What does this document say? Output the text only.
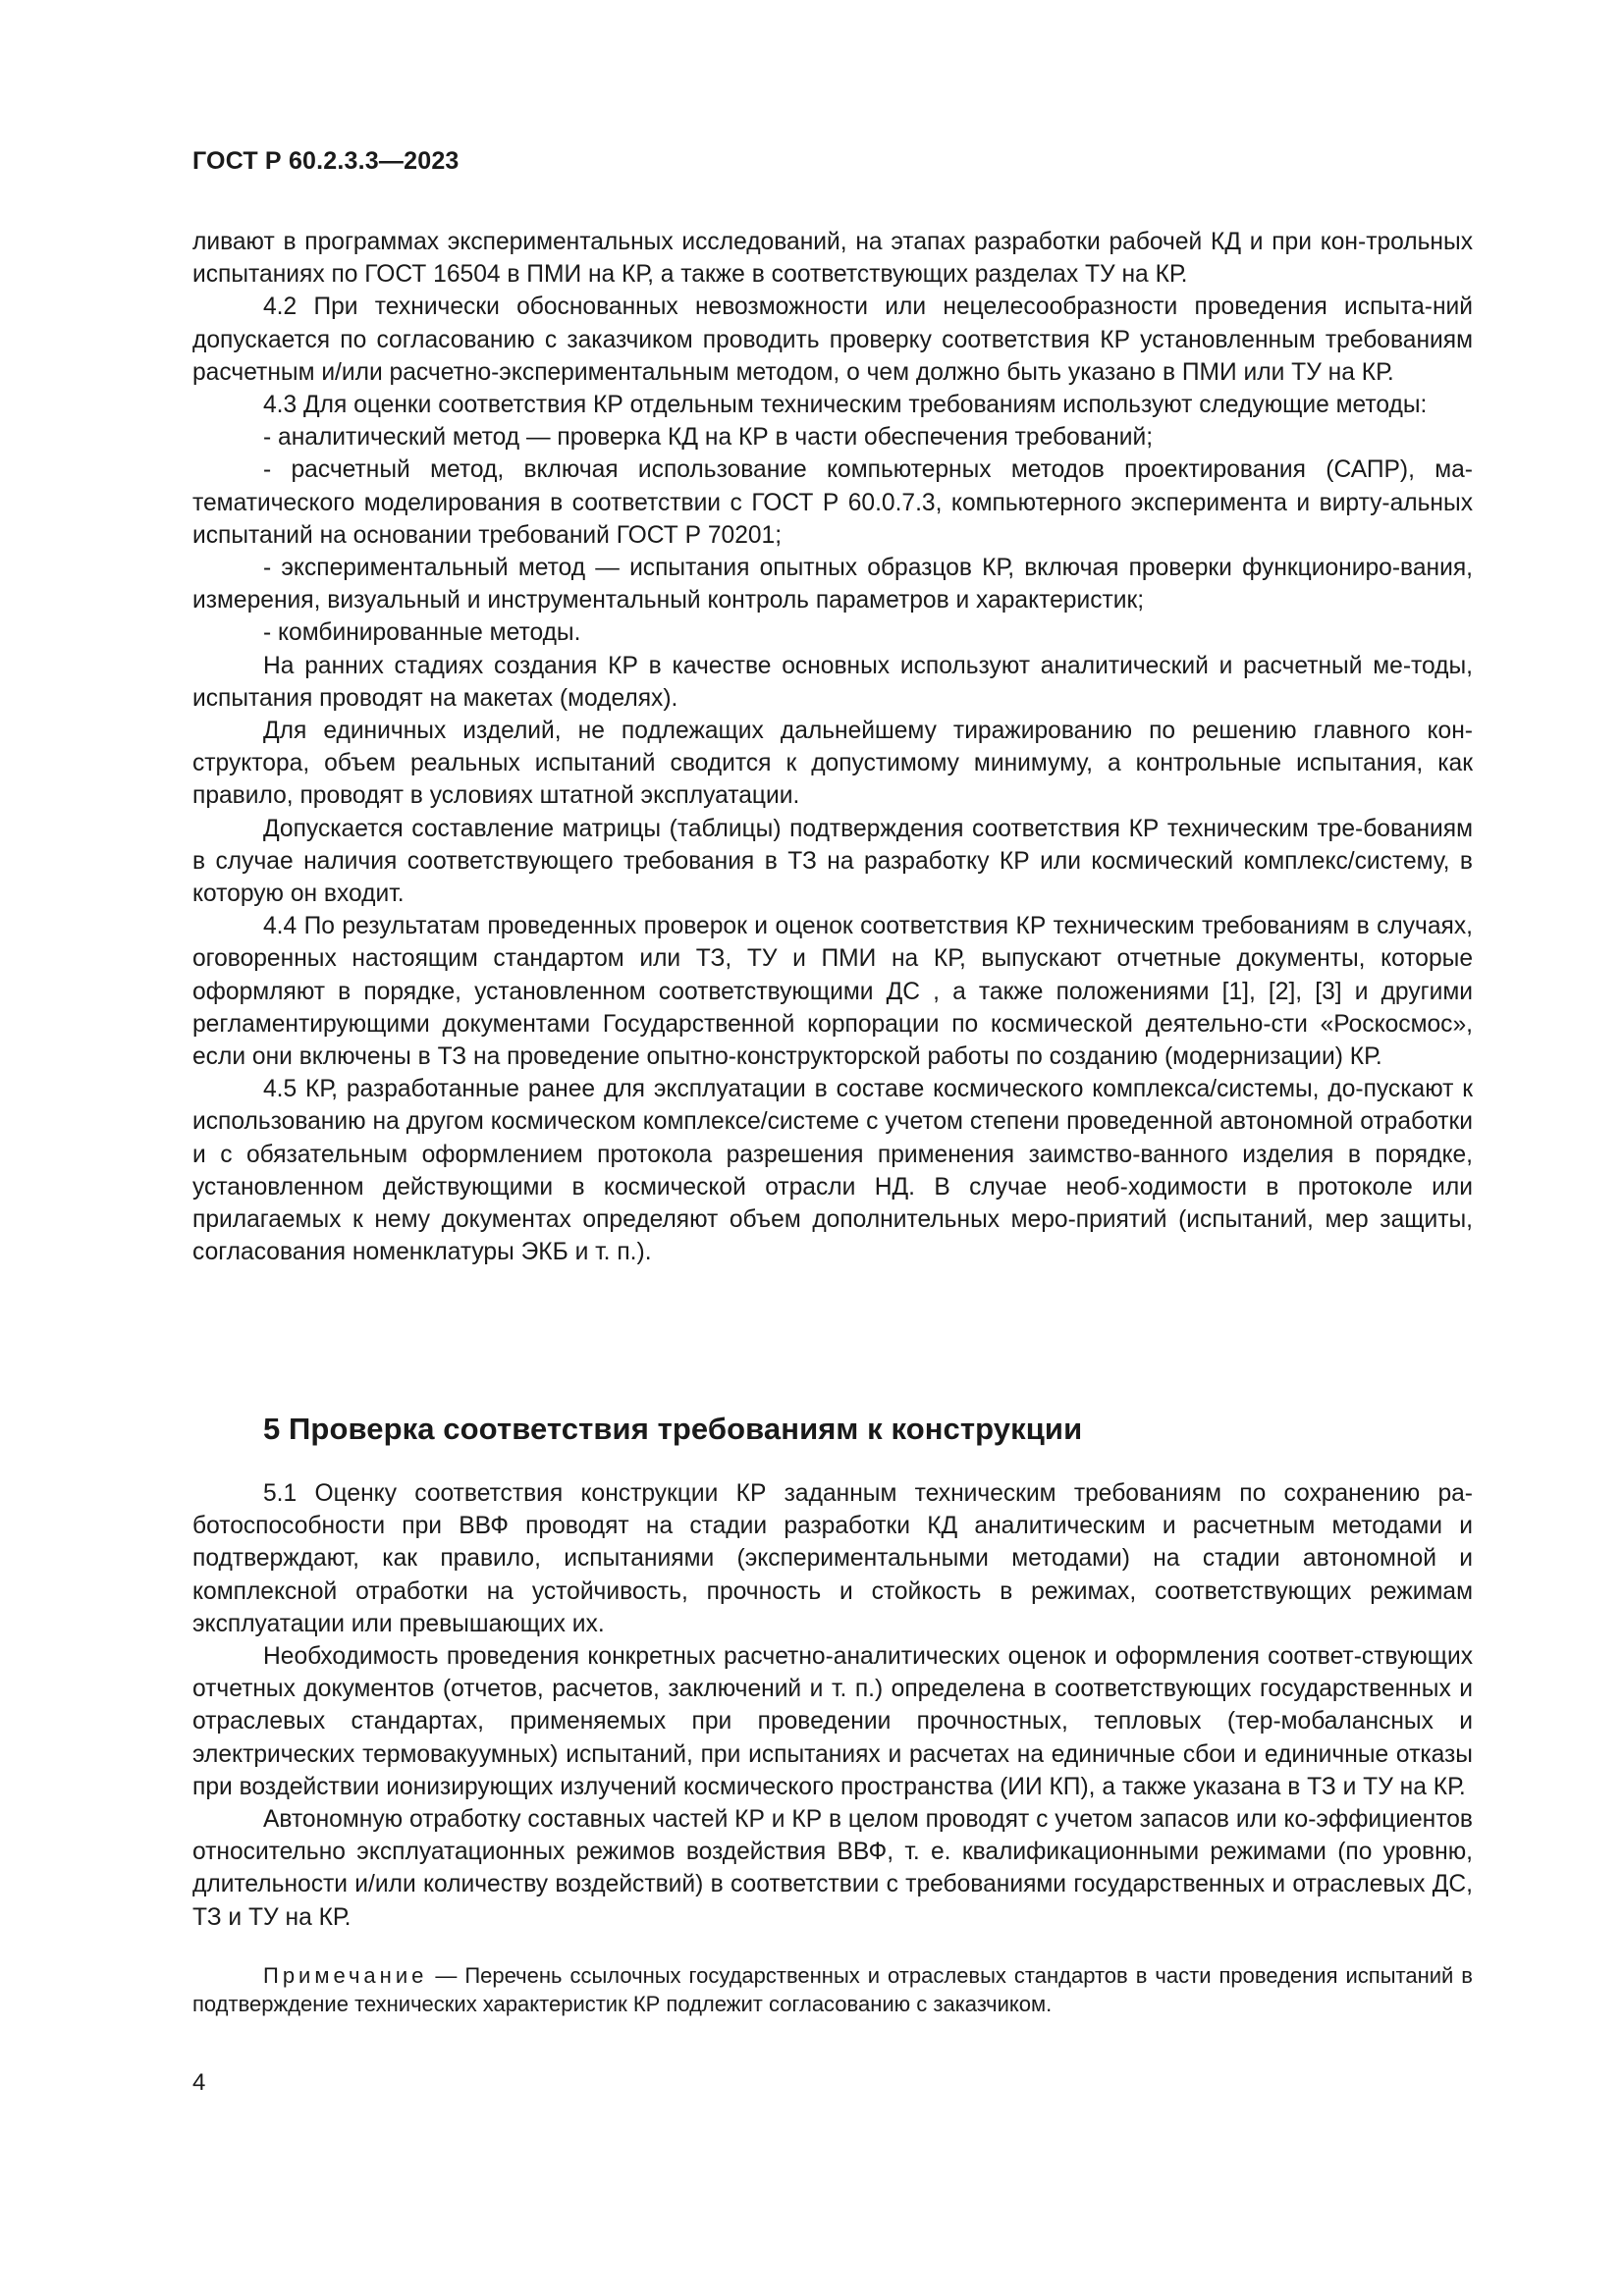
ГОСТ Р 60.2.3.3—2023

ливают в программах экспериментальных исследований, на этапах разработки рабочей КД и при кон-трольных испытаниях по ГОСТ 16504 в ПМИ на КР, а также в соответствующих разделах ТУ на КР.

4.2 При технически обоснованных невозможности или нецелесообразности проведения испыта-ний допускается по согласованию с заказчиком проводить проверку соответствия КР установленным требованиям расчетным и/или расчетно-экспериментальным методом, о чем должно быть указано в ПМИ или ТУ на КР.

4.3 Для оценки соответствия КР отдельным техническим требованиям используют следующие методы:

- аналитический метод — проверка КД на КР в части обеспечения требований;

- расчетный метод, включая использование компьютерных методов проектирования (САПР), ма-тематического моделирования в соответствии с ГОСТ Р 60.0.7.3, компьютерного эксперимента и вирту-альных испытаний на основании требований ГОСТ Р 70201;

- экспериментальный метод — испытания опытных образцов КР, включая проверки функциониро-вания, измерения, визуальный и инструментальный контроль параметров и характеристик;

- комбинированные методы.

На ранних стадиях создания КР в качестве основных используют аналитический и расчетный ме-тоды, испытания проводят на макетах (моделях).

Для единичных изделий, не подлежащих дальнейшему тиражированию по решению главного кон-структора, объем реальных испытаний сводится к допустимому минимуму, а контрольные испытания, как правило, проводят в условиях штатной эксплуатации.

Допускается составление матрицы (таблицы) подтверждения соответствия КР техническим тре-бованиям в случае наличия соответствующего требования в ТЗ на разработку КР или космический комплекс/систему, в которую он входит.

4.4 По результатам проведенных проверок и оценок соответствия КР техническим требованиям в случаях, оговоренных настоящим стандартом или ТЗ, ТУ и ПМИ на КР, выпускают отчетные документы, которые оформляют в порядке, установленном соответствующими ДС , а также положениями [1], [2], [3] и другими регламентирующими документами Государственной корпорации по космической деятельно-сти «Роскосмос», если они включены в ТЗ на проведение опытно-конструкторской работы по созданию (модернизации) КР.

4.5 КР, разработанные ранее для эксплуатации в составе космического комплекса/системы, до-пускают к использованию на другом космическом комплексе/системе с учетом степени проведенной автономной отработки и с обязательным оформлением протокола разрешения применения заимство-ванного изделия в порядке, установленном действующими в космической отрасли НД. В случае необ-ходимости в протоколе или прилагаемых к нему документах определяют объем дополнительных меро-приятий (испытаний, мер защиты, согласования номенклатуры ЭКБ и т. п.).

5 Проверка соответствия требованиям к конструкции

5.1 Оценку соответствия конструкции КР заданным техническим требованиям по сохранению ра-ботоспособности при ВВФ проводят на стадии разработки КД аналитическим и расчетным методами и подтверждают, как правило, испытаниями (экспериментальными методами) на стадии автономной и комплексной отработки на устойчивость, прочность и стойкость в режимах, соответствующих режимам эксплуатации или превышающих их.

Необходимость проведения конкретных расчетно-аналитических оценок и оформления соответ-ствующих отчетных документов (отчетов, расчетов, заключений и т. п.) определена в соответствующих государственных и отраслевых стандартах, применяемых при проведении прочностных, тепловых (тер-мобалансных и электрических термовакуумных) испытаний, при испытаниях и расчетах на единичные сбои и единичные отказы при воздействии ионизирующих излучений космического пространства (ИИ КП), а также указана в ТЗ и ТУ на КР.

Автономную отработку составных частей КР и КР в целом проводят с учетом запасов или ко-эффициентов относительно эксплуатационных режимов воздействия ВВФ, т. е. квалификационными режимами (по уровню, длительности и/или количеству воздействий) в соответствии с требованиями государственных и отраслевых ДС, ТЗ и ТУ на КР.

Примечание — Перечень ссылочных государственных и отраслевых стандартов в части проведения испытаний в подтверждение технических характеристик КР подлежит согласованию с заказчиком.

4
